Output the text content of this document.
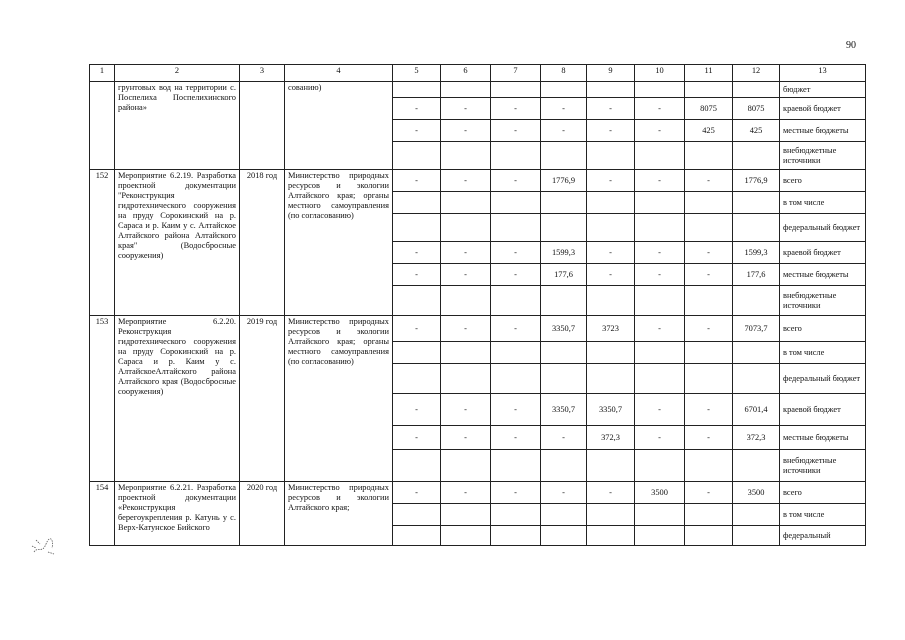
90
1	2	3	4	5	6	7	8	9	10	11	12	13
	грунтовых вод на территории с. Поспелиха Поспелихинского района»		сованию)									бюджет
				-	-	-	-	-	-	8075	8075	краевой бюджет
				-	-	-	-	-	-	425	425	местные бюджеты
												внебюджетные источники
152	Мероприятие 6.2.19. Разработка проектной документации "Реконструкция гидротехнического сооружения на пруду Сорокинский на р. Сараса и р. Каим у с. Алтайское Алтайского района Алтайского края" (Водосбросные сооружения)	2018 год	Министерство природных ресурсов и экологии Алтайского края; органы местного самоуправления (по согласованию)	-	-	-	1776,9	-	-	-	1776,9	всего
												в том числе
												федеральный бюджет
				-	-	-	1599,3	-	-	-	1599,3	краевой бюджет
				-	-	-	177,6	-	-	-	177,6	местные бюджеты
												внебюджетные источники
153	Мероприятие 6.2.20. Реконструкция гидротехнического сооружения на пруду Сорокинский на р. Сараса и р. Каим у с. АлтайскоеАлтайского района Алтайского края (Водосбросные сооружения)	2019 год	Министерство природных ресурсов и экологии Алтайского края; органы местного самоуправления (по согласованию)	-	-	-	3350,7	3723	-	-	7073,7	всего
												в том числе
												федеральный бюджет
				-	-	-	3350,7	3350,7	-	-	6701,4	краевой бюджет
				-	-	-	-	372,3	-	-	372,3	местные бюджеты
												внебюджетные источники
154	Мероприятие 6.2.21. Разработка проектной документации «Реконструкция берегоукрепления р. Катунь у с. Верх-Катунское Бийского	2020 год	Министерство природных ресурсов и экологии Алтайского края;	-	-	-	-	-	3500	-	3500	всего
												в том числе
												федеральный
